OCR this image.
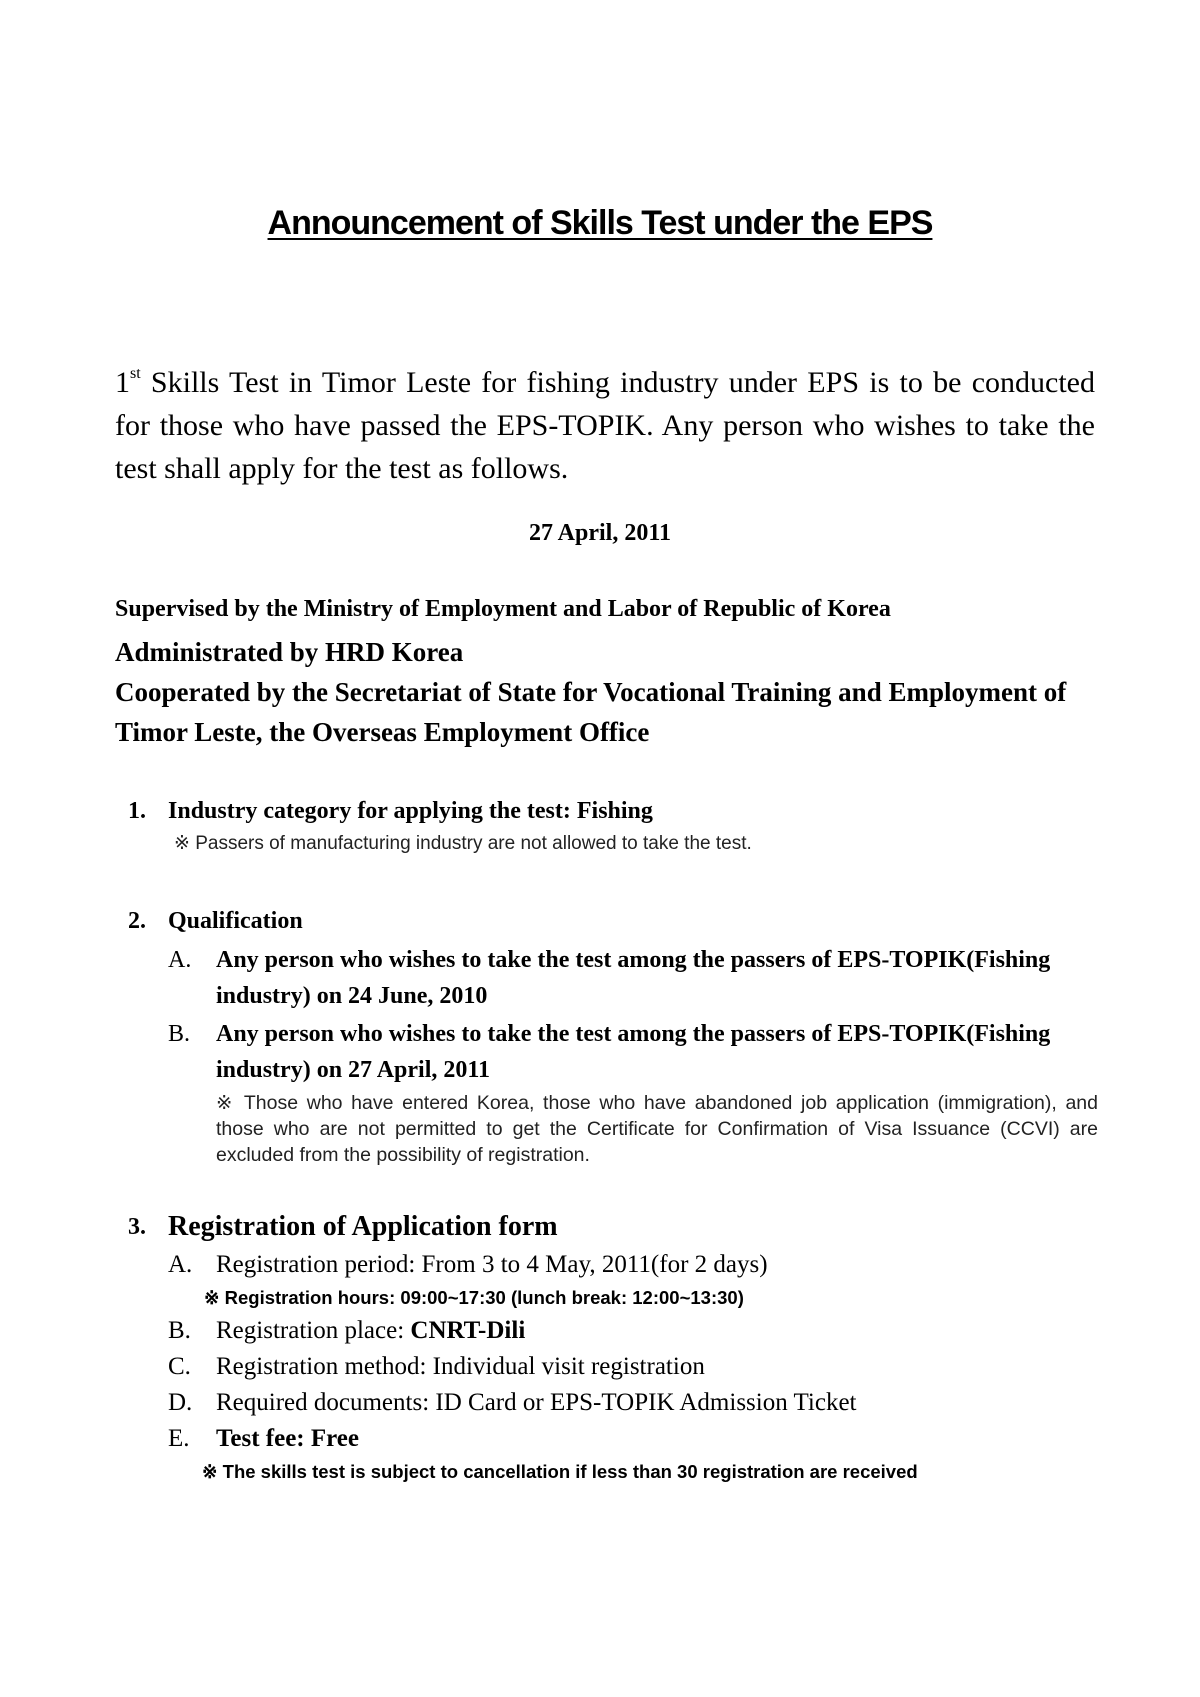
Announcement of Skills Test under the EPS
1st Skills Test in Timor Leste for fishing industry under EPS is to be conducted for those who have passed the EPS-TOPIK. Any person who wishes to take the test shall apply for the test as follows.
27 April, 2011
Supervised by the Ministry of Employment and Labor of Republic of Korea
Administrated by HRD Korea
Cooperated by the Secretariat of State for Vocational Training and Employment of Timor Leste, the Overseas Employment Office
1. Industry category for applying the test: Fishing
※ Passers of manufacturing industry are not allowed to take the test.
2. Qualification
A. Any person who wishes to take the test among the passers of EPS-TOPIK(Fishing industry) on 24 June, 2010
B. Any person who wishes to take the test among the passers of EPS-TOPIK(Fishing industry) on 27 April, 2011
※ Those who have entered Korea, those who have abandoned job application (immigration), and those who are not permitted to get the Certificate for Confirmation of Visa Issuance (CCVI) are excluded from the possibility of registration.
3. Registration of Application form
A. Registration period: From 3 to 4 May, 2011(for 2 days)
※ Registration hours: 09:00~17:30 (lunch break: 12:00~13:30)
B. Registration place: CNRT-Dili
C. Registration method: Individual visit registration
D. Required documents: ID Card or EPS-TOPIK Admission Ticket
E. Test fee: Free
※ The skills test is subject to cancellation if less than 30 registration are received
